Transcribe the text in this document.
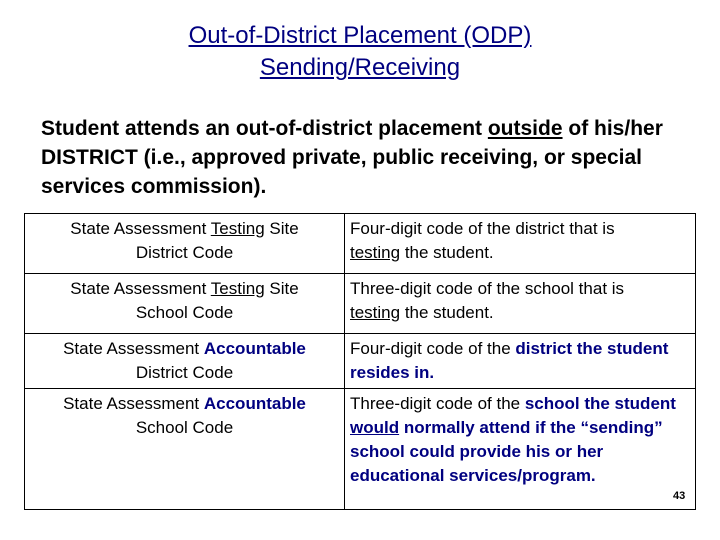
Out-of-District Placement (ODP)
Sending/Receiving
Student attends an out-of-district placement outside of his/her DISTRICT (i.e., approved private, public receiving, or special services commission).
State Assessment Testing Site
District Code	Four-digit code of the district that is
testing the student.
State Assessment Testing Site
School Code	Three-digit code of the school that is
testing the student.
State Assessment Accountable
District Code	Four-digit code of the district the student resides in.
State Assessment Accountable
School Code	Three-digit code of the school the student would normally attend if the “sending” school could provide his or her educational services/program.
43
